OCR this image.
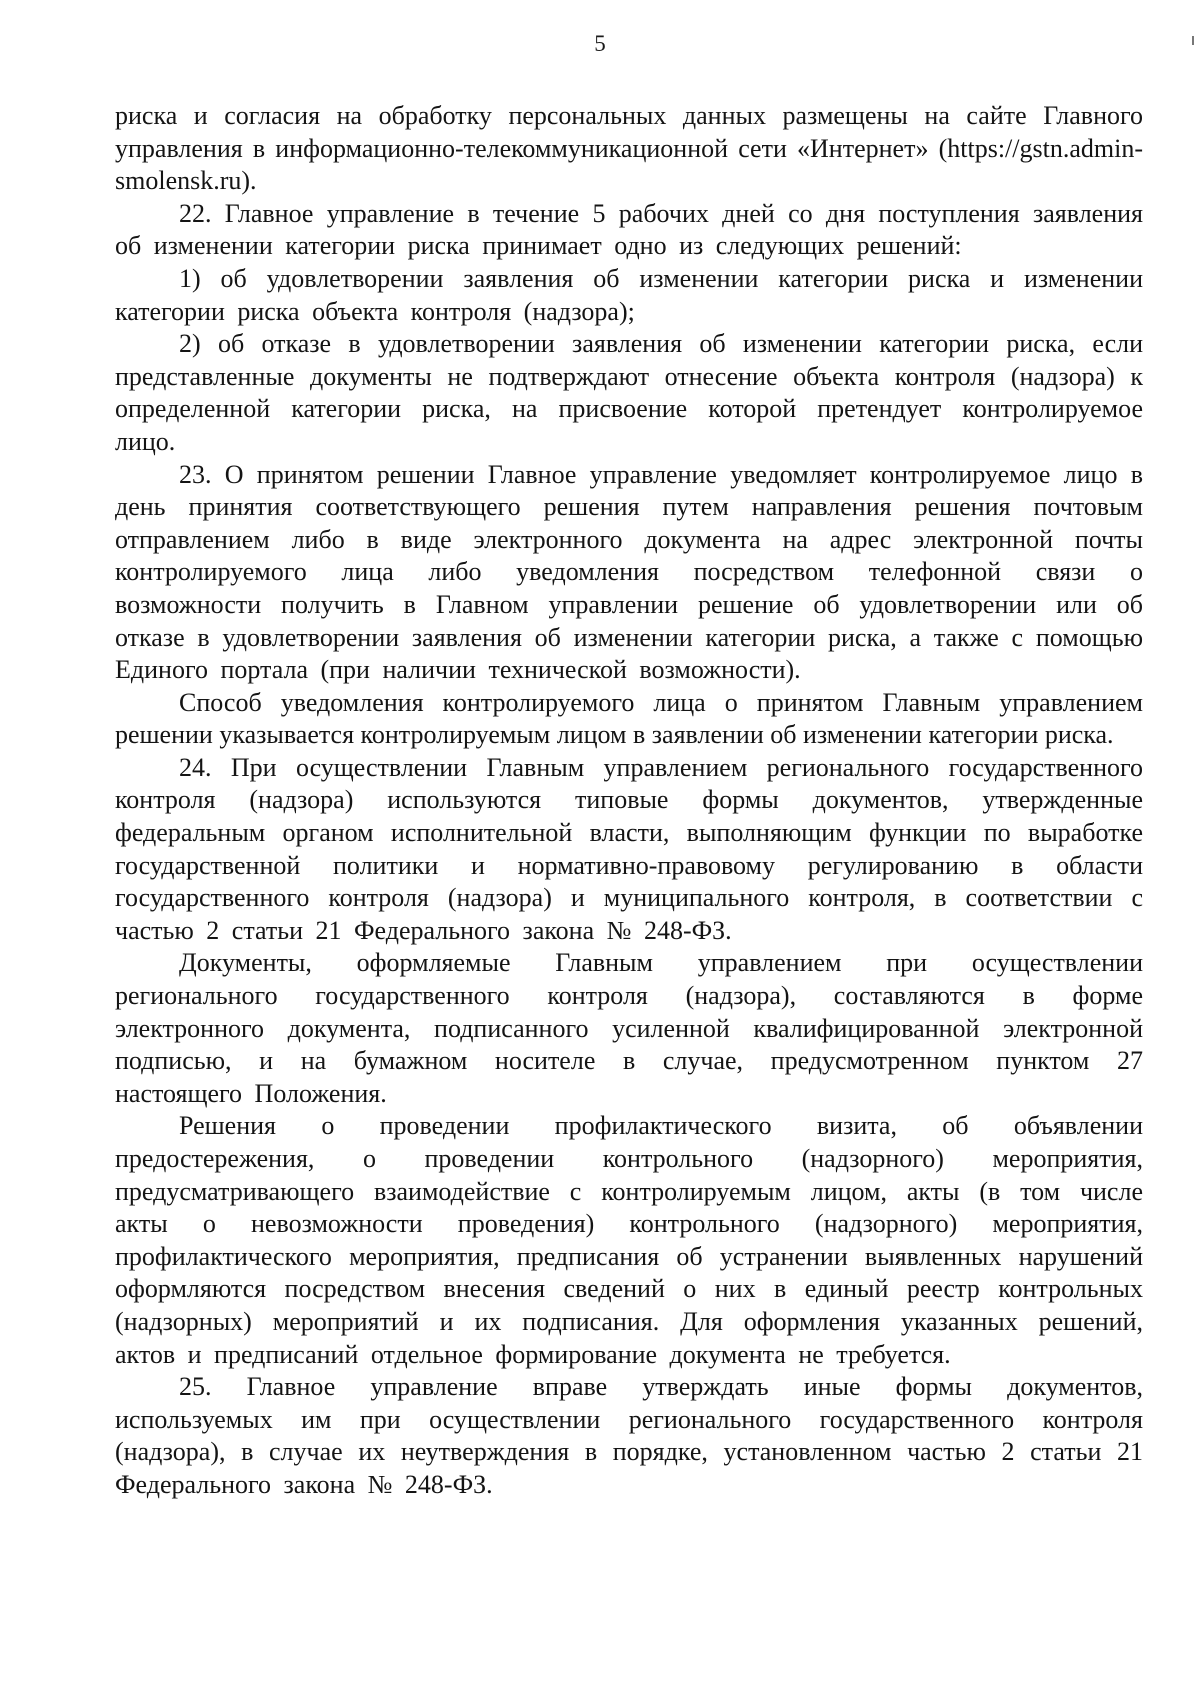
5

риска и согласия на обработку персональных данных размещены на сайте Главного управления в информационно-телекоммуникационной сети «Интернет» (https://gstn.admin-smolensk.ru).

22. Главное управление в течение 5 рабочих дней со дня поступления заявления об изменении категории риска принимает одно из следующих решений:

1) об удовлетворении заявления об изменении категории риска и изменении категории риска объекта контроля (надзора);

2) об отказе в удовлетворении заявления об изменении категории риска, если представленные документы не подтверждают отнесение объекта контроля (надзора) к определенной категории риска, на присвоение которой претендует контролируемое лицо.

23. О принятом решении Главное управление уведомляет контролируемое лицо в день принятия соответствующего решения путем направления решения почтовым отправлением либо в виде электронного документа на адрес электронной почты контролируемого лица либо уведомления посредством телефонной связи о возможности получить в Главном управлении решение об удовлетворении или об отказе в удовлетворении заявления об изменении категории риска, а также с помощью Единого портала (при наличии технической возможности).

Способ уведомления контролируемого лица о принятом Главным управлением решении указывается контролируемым лицом в заявлении об изменении категории риска.

24. При осуществлении Главным управлением регионального государственного контроля (надзора) используются типовые формы документов, утвержденные федеральным органом исполнительной власти, выполняющим функции по выработке государственной политики и нормативно-правовому регулированию в области государственного контроля (надзора) и муниципального контроля, в соответствии с частью 2 статьи 21 Федерального закона № 248-ФЗ.

Документы, оформляемые Главным управлением при осуществлении регионального государственного контроля (надзора), составляются в форме электронного документа, подписанного усиленной квалифицированной электронной подписью, и на бумажном носителе в случае, предусмотренном пунктом 27 настоящего Положения.

Решения о проведении профилактического визита, об объявлении предостережения, о проведении контрольного (надзорного) мероприятия, предусматривающего взаимодействие с контролируемым лицом, акты (в том числе акты о невозможности проведения) контрольного (надзорного) мероприятия, профилактического мероприятия, предписания об устранении выявленных нарушений оформляются посредством внесения сведений о них в единый реестр контрольных (надзорных) мероприятий и их подписания. Для оформления указанных решений, актов и предписаний отдельное формирование документа не требуется.

25. Главное управление вправе утверждать иные формы документов, используемых им при осуществлении регионального государственного контроля (надзора), в случае их неутверждения в порядке, установленном частью 2 статьи 21 Федерального закона № 248-ФЗ.
